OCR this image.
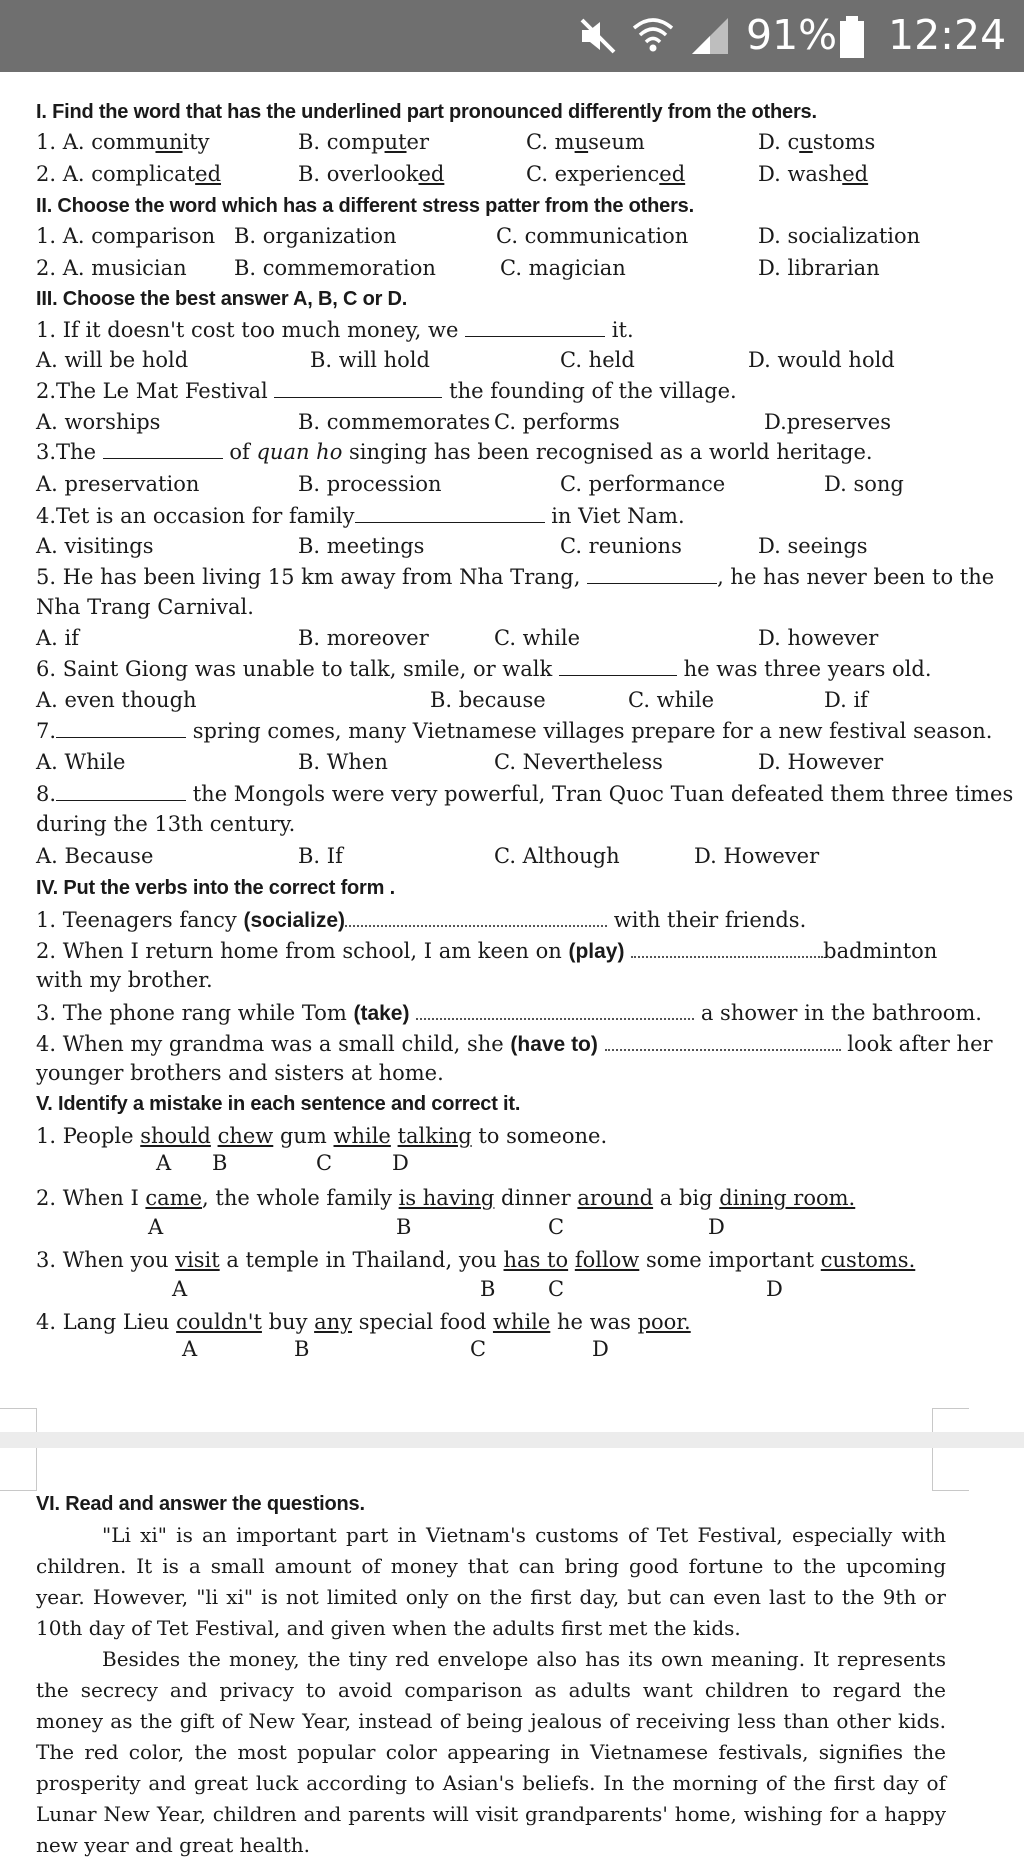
91% 12:24
I. Find the word that has the underlined part pronounced differently from the others.
1. A. community	B. computer	C. museum	D. customs
2. A. complicated	B. overlooked	C. experienced	D. washed
II. Choose the word which has a different stress patter from the others.
1. A. comparison B. organization	C. communication	D. socialization
2. A. musician B. commemoration	C. magician	D. librarian
III. Choose the best answer A, B, C or D.
1. If it doesn't cost too much money, we	it.
A. will be hold	B. will hold	C. held	D. would hold
2.The Le Mat Festival	the founding of the village.
A. worships	B. commemorates C. performs	D.preserves
3.The	of quan ho singing has been recognised as a world heritage.
A. preservation	B. procession	C. performance	D. song
4.Tet is an occasion for family	in Viet Nam.
A. visitings	B. meetings	C. reunions	D. seeings
5. He has been living 15 km away from Nha Trang,	, he has never been to the
Nha Trang Carnival.
A. if	B. moreover	C. while	D. however
6. Saint Giong was unable to talk, smile, or walk	he was three years old.
A. even though	B. because	C. while	D. if
7.	spring comes, many Vietnamese villages prepare for a new festival season.
A. While	B. When	C. Nevertheless	D. However
8.	the Mongols were very powerful, Tran Quoc Tuan defeated them three times
during the 13th century.
A. Because	B. If	C. Although	D. However
IV. Put the verbs into the correct form .
1. Teenagers fancy (socialize)	with their friends.
2. When I return home from school, I am keen on (play)	badminton
with my brother.
3. The phone rang while Tom (take)	a shower in the bathroom.
4. When my grandma was a small child, she (have to)	look after her
younger brothers and sisters at home.
V. Identify a mistake in each sentence and correct it.
1. People should chew gum while talking to someone.
A B	C	D
2. When I came, the whole family is having dinner around a big dining room.
A	B	C	D
3. When you visit a temple in Thailand, you has to follow some important customs.
A	B	C	D
4. Lang Lieu couldn't buy any special food while he was poor.
A	B	C	D
VI. Read and answer the questions.
"Li xi" is an important part in Vietnam's customs of Tet Festival, especially with children. It is a small amount of money that can bring good fortune to the upcoming year. However, "li xi" is not limited only on the first day, but can even last to the 9th or 10th day of Tet Festival, and given when the adults first met the kids.
Besides the money, the tiny red envelope also has its own meaning. It represents the secrecy and privacy to avoid comparison as adults want children to regard the money as the gift of New Year, instead of being jealous of receiving less than other kids. The red color, the most popular color appearing in Vietnamese festivals, signifies the prosperity and great luck according to Asian's beliefs. In the morning of the first day of Lunar New Year, children and parents will visit grandparents' home, wishing for a happy new year and great health.
